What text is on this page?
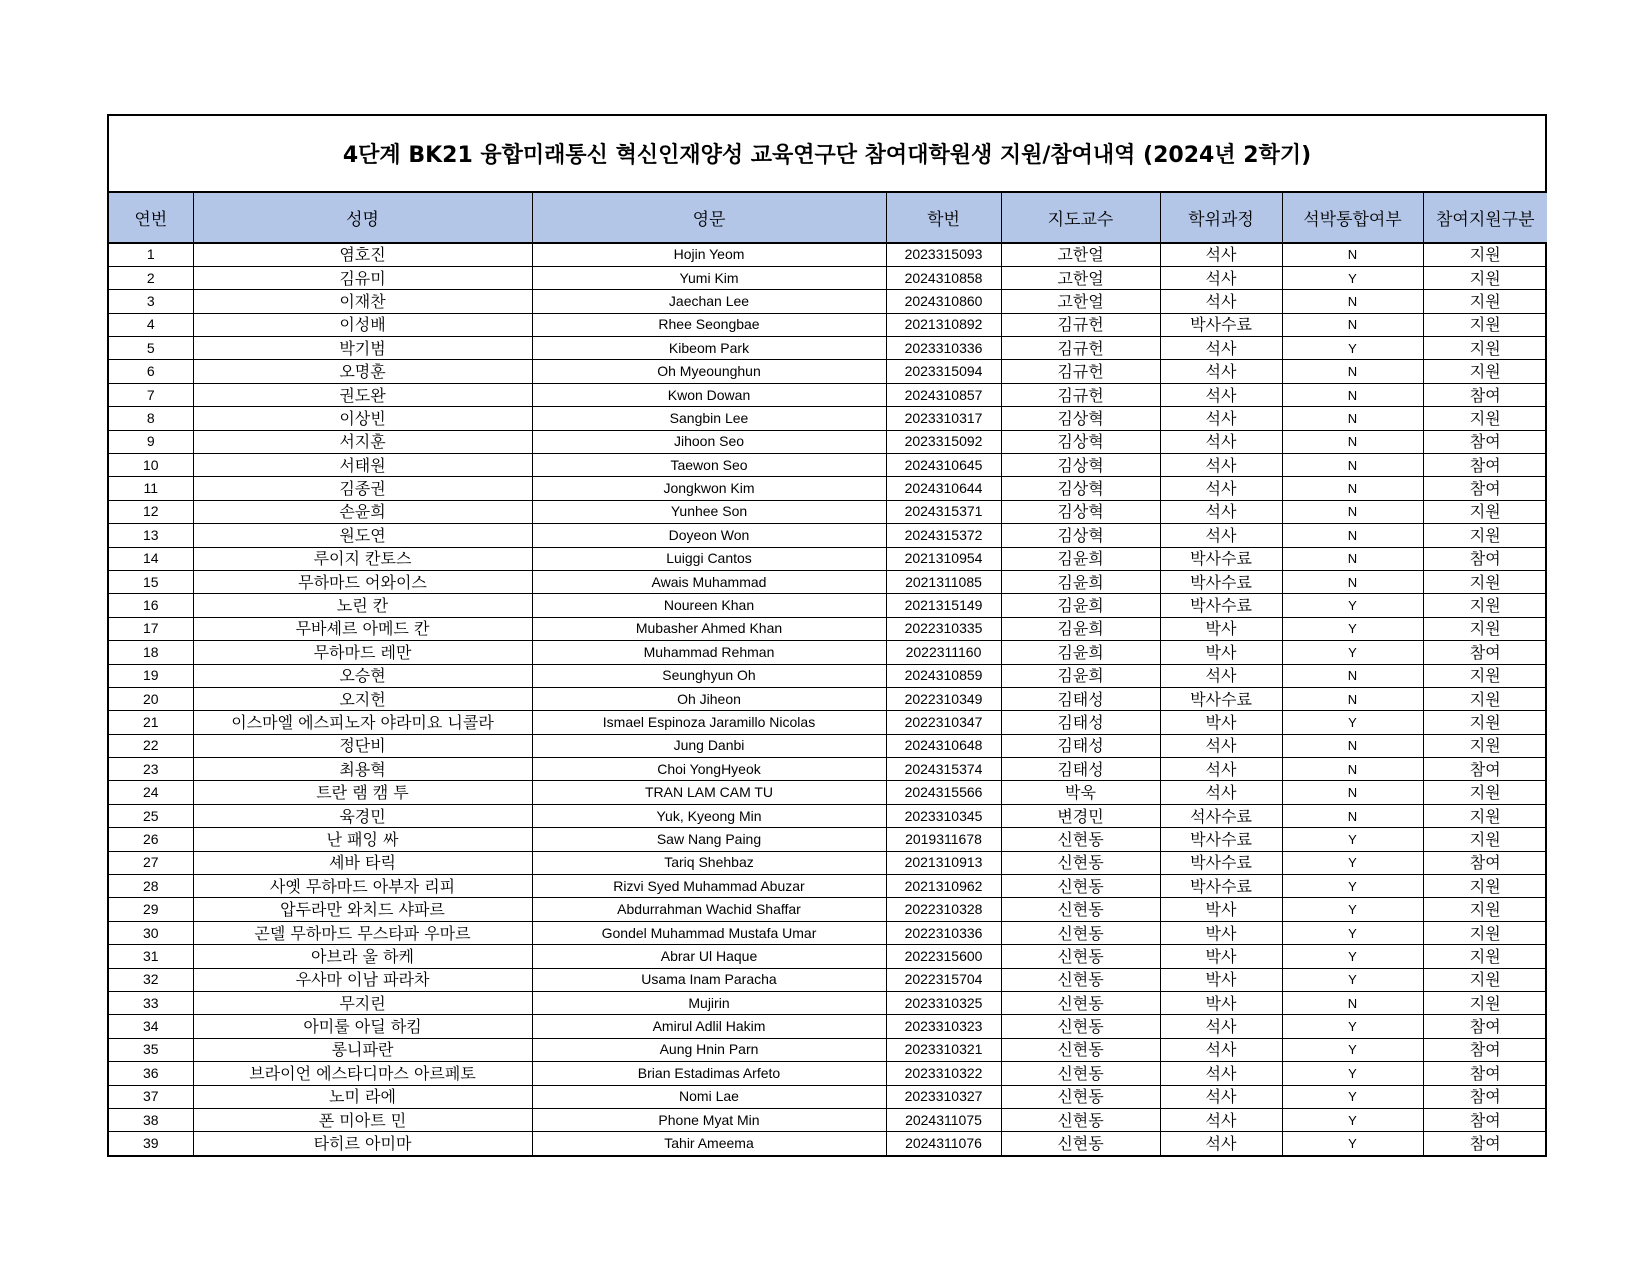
4단계 BK21 융합미래통신 혁신인재양성 교육연구단 참여대학원생 지원/참여내역 (2024년 2학기)
연번	성명	영문	학번	지도교수	학위과정	석박통합여부	참여지원구분
1	염호진	Hojin Yeom	2023315093	고한얼	석사	N	지원
2	김유미	Yumi Kim	2024310858	고한얼	석사	Y	지원
3	이재찬	Jaechan Lee	2024310860	고한얼	석사	N	지원
4	이성배	Rhee Seongbae	2021310892	김규헌	박사수료	N	지원
5	박기범	Kibeom Park	2023310336	김규헌	석사	Y	지원
6	오명훈	Oh Myeounghun	2023315094	김규헌	석사	N	지원
7	권도완	Kwon Dowan	2024310857	김규헌	석사	N	참여
8	이상빈	Sangbin Lee	2023310317	김상혁	석사	N	지원
9	서지훈	Jihoon Seo	2023315092	김상혁	석사	N	참여
10	서태원	Taewon Seo	2024310645	김상혁	석사	N	참여
11	김종권	Jongkwon Kim	2024310644	김상혁	석사	N	참여
12	손윤희	Yunhee Son	2024315371	김상혁	석사	N	지원
13	원도연	Doyeon Won	2024315372	김상혁	석사	N	지원
14	루이지 칸토스	Luiggi Cantos	2021310954	김윤희	박사수료	N	참여
15	무하마드 어와이스	Awais Muhammad	2021311085	김윤희	박사수료	N	지원
16	노린 칸	Noureen Khan	2021315149	김윤희	박사수료	Y	지원
17	무바셰르 아메드 칸	Mubasher Ahmed Khan	2022310335	김윤희	박사	Y	지원
18	무하마드 레만	Muhammad Rehman	2022311160	김윤희	박사	Y	참여
19	오승현	Seunghyun Oh	2024310859	김윤희	석사	N	지원
20	오지헌	Oh Jiheon	2022310349	김태성	박사수료	N	지원
21	이스마엘 에스피노자 야라미요 니콜라	Ismael Espinoza Jaramillo Nicolas	2022310347	김태성	박사	Y	지원
22	정단비	Jung Danbi	2024310648	김태성	석사	N	지원
23	최용혁	Choi YongHyeok	2024315374	김태성	석사	N	참여
24	트란 램 캠 투	TRAN LAM CAM TU	2024315566	박욱	석사	N	지원
25	육경민	Yuk, Kyeong Min	2023310345	변경민	석사수료	N	지원
26	난 패잉 싸	Saw Nang Paing	2019311678	신현동	박사수료	Y	지원
27	셰바 타릭	Tariq Shehbaz	2021310913	신현동	박사수료	Y	참여
28	사옛 무하마드 아부자 리피	Rizvi Syed Muhammad Abuzar	2021310962	신현동	박사수료	Y	지원
29	압두라만 와치드 샤파르	Abdurrahman Wachid Shaffar	2022310328	신현동	박사	Y	지원
30	곤델 무하마드 무스타파 우마르	Gondel Muhammad Mustafa Umar	2022310336	신현동	박사	Y	지원
31	아브라 울 하케	Abrar Ul Haque	2022315600	신현동	박사	Y	지원
32	우사마 이남 파라차	Usama Inam Paracha	2022315704	신현동	박사	Y	지원
33	무지린	Mujirin	2023310325	신현동	박사	N	지원
34	아미룰 아딜 하킴	Amirul Adlil Hakim	2023310323	신현동	석사	Y	참여
35	롱니파란	Aung Hnin Parn	2023310321	신현동	석사	Y	참여
36	브라이언 에스타디마스 아르페토	Brian Estadimas Arfeto	2023310322	신현동	석사	Y	참여
37	노미 라에	Nomi Lae	2023310327	신현동	석사	Y	참여
38	폰 미아트 민	Phone Myat Min	2024311075	신현동	석사	Y	참여
39	타히르 아미마	Tahir Ameema	2024311076	신현동	석사	Y	참여
